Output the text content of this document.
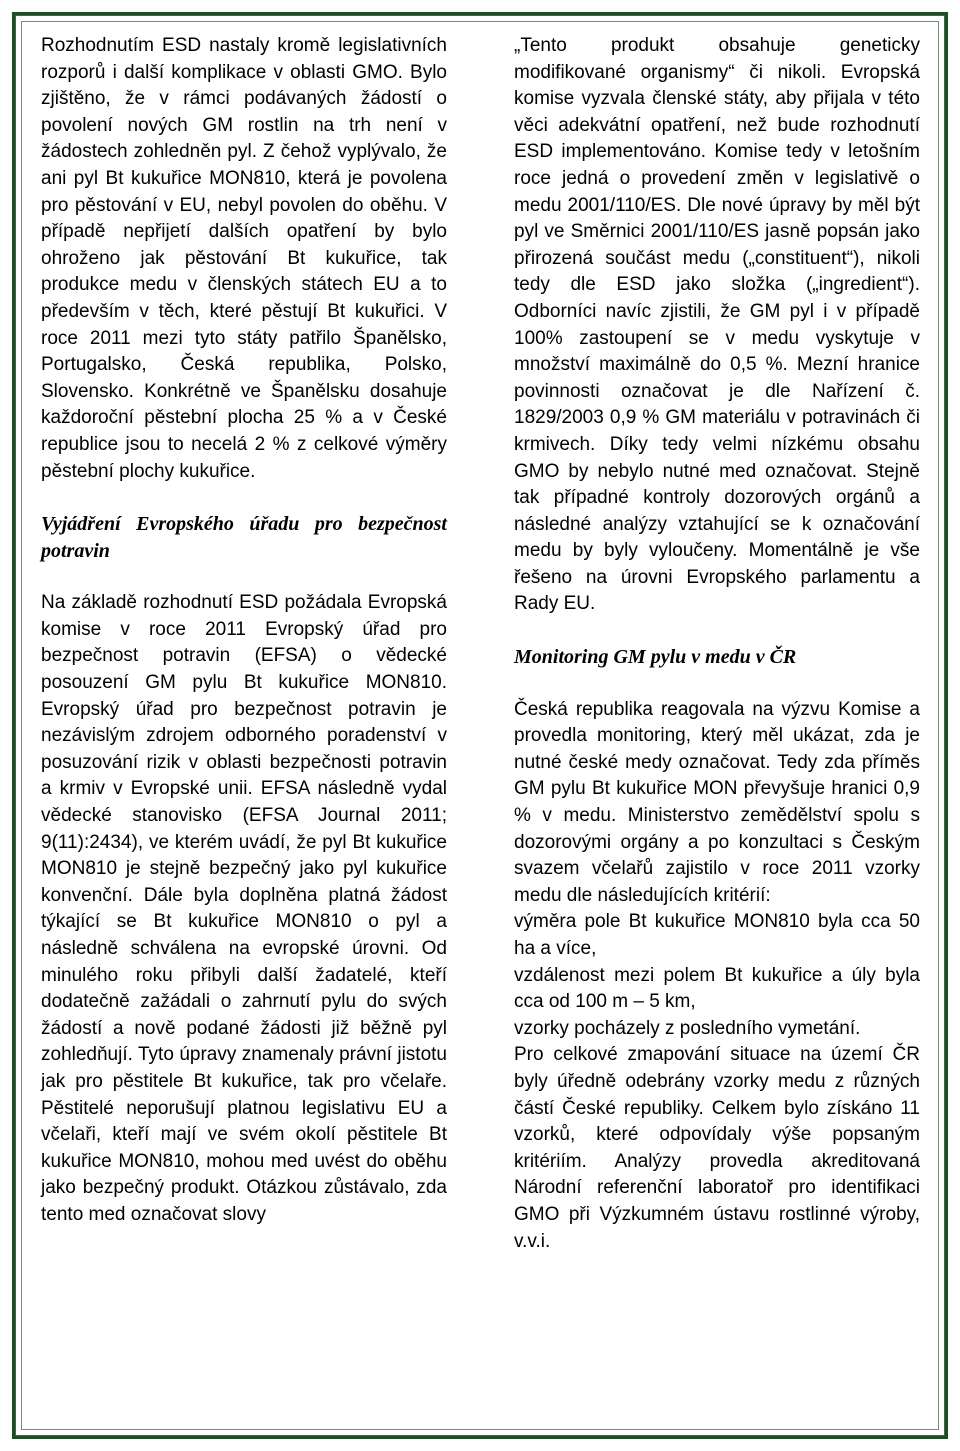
Rozhodnutím ESD nastaly kromě legislativních rozporů i další komplikace v oblasti GMO. Bylo zjištěno, že v rámci podávaných žádostí o povolení nových GM rostlin na trh není v žádostech zohledněn pyl. Z čehož vyplývalo, že ani pyl Bt kukuřice MON810, která je povolena pro pěstování v EU, nebyl povolen do oběhu. V případě nepřijetí dalších opatření by bylo ohroženo jak pěstování Bt kukuřice, tak produkce medu v členských státech EU a to především v těch, které pěstují Bt kukuřici. V roce 2011 mezi tyto státy patřilo Španělsko, Portugalsko, Česká republika, Polsko, Slovensko. Konkrétně ve Španělsku dosahuje každoroční pěstební plocha 25 % a v České republice jsou to necelá 2 % z celkové výměry pěstební plochy kukuřice.

Vyjádření Evropského úřadu pro bezpečnost potravin

Na základě rozhodnutí ESD požádala Evropská komise v roce 2011 Evropský úřad pro bezpečnost potravin (EFSA) o vědecké posouzení GM pylu Bt kukuřice MON810. Evropský úřad pro bezpečnost potravin je nezávislým zdrojem odborného poradenství v posuzování rizik v oblasti bezpečnosti potravin a krmiv v Evropské unii. EFSA následně vydal vědecké stanovisko (EFSA Journal 2011; 9(11):2434), ve kterém uvádí, že pyl Bt kukuřice MON810 je stejně bezpečný jako pyl kukuřice konvenční. Dále byla doplněna platná žádost týkající se Bt kukuřice MON810 o pyl a následně schválena na evropské úrovni. Od minulého roku přibyli další žadatelé, kteří dodatečně zažádali o zahrnutí pylu do svých žádostí a nově podané žádosti již běžně pyl zohledňují. Tyto úpravy znamenaly právní jistotu jak pro pěstitele Bt kukuřice, tak pro včelaře. Pěstitelé neporušují platnou legislativu EU a včelaři, kteří mají ve svém okolí pěstitele Bt kukuřice MON810, mohou med uvést do oběhu jako bezpečný produkt. Otázkou zůstávalo, zda tento med označovat slovy

„Tento produkt obsahuje geneticky modifikované organismy“ či nikoli. Evropská komise vyzvala členské státy, aby přijala v této věci adekvátní opatření, než bude rozhodnutí ESD implementováno. Komise tedy v letošním roce jedná o provedení změn v legislativě o medu 2001/110/ES. Dle nové úpravy by měl být pyl ve Směrnici 2001/110/ES jasně popsán jako přirozená součást medu („constituent“), nikoli tedy dle ESD jako složka („ingredient“). Odborníci navíc zjistili, že GM pyl i v případě 100% zastoupení se v medu vyskytuje v množství maximálně do 0,5 %. Mezní hranice povinnosti označovat je dle Nařízení č. 1829/2003 0,9 % GM materiálu v potravinách či krmivech. Díky tedy velmi nízkému obsahu GMO by nebylo nutné med označovat. Stejně tak případné kontroly dozorových orgánů a následné analýzy vztahující se k označování medu by byly vyloučeny. Momentálně je vše řešeno na úrovni Evropského parlamentu a Rady EU.

Monitoring GM pylu v medu v ČR

Česká republika reagovala na výzvu Komise a provedla monitoring, který měl ukázat, zda je nutné české medy označovat. Tedy zda příměs GM pylu Bt kukuřice MON převyšuje hranici 0,9 % v medu. Ministerstvo zemědělství spolu s dozorovými orgány a po konzultaci s Českým svazem včelařů zajistilo v roce 2011 vzorky medu dle následujících kritérií:

výměra pole Bt kukuřice MON810 byla cca 50 ha a více,

vzdálenost mezi polem Bt kukuřice a úly byla cca od 100 m – 5 km,

vzorky pocházely z posledního vymetání.

Pro celkové zmapování situace na území ČR byly úředně odebrány vzorky medu z různých částí České republiky. Celkem bylo získáno 11 vzorků, které odpovídaly výše popsaným kritériím. Analýzy provedla akreditovaná Národní referenční laboratoř pro identifikaci GMO při Výzkumném ústavu rostlinné výroby, v.v.i.
